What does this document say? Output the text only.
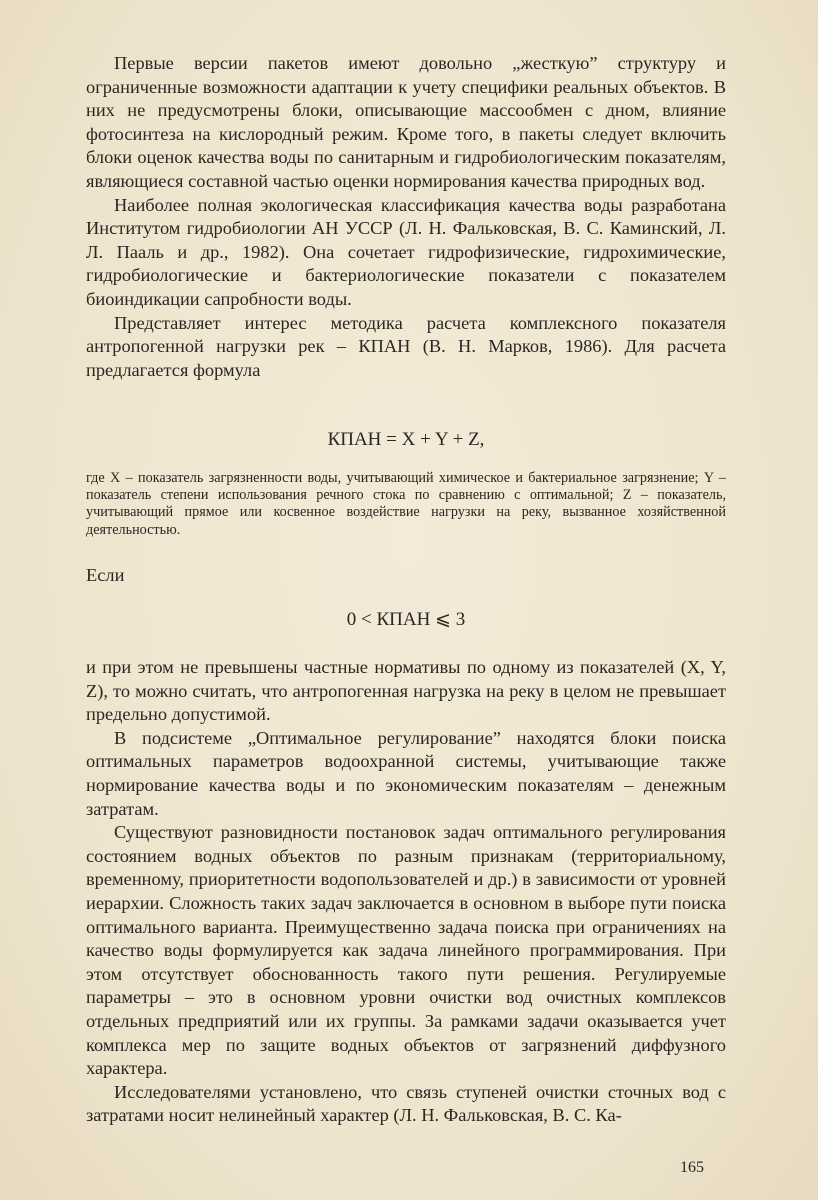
Первые версии пакетов имеют довольно „жесткую” структуру и ограниченные возможности адаптации к учету специфики реальных объектов. В них не предусмотрены блоки, описывающие массообмен с дном, влияние фотосинтеза на кислородный режим. Кроме того, в пакеты следует включить блоки оценок качества воды по санитарным и гидробиологическим показателям, являющиеся составной частью оценки нормирования качества природных вод.

Наиболее полная экологическая классификация качества воды разработана Институтом гидробиологии АН УССР (Л. Н. Фальковская, В. С. Каминский, Л. Л. Пааль и др., 1982). Она сочетает гидрофизические, гидрохимические, гидробиологические и бактериологические показатели с показателем биоиндикации сапробности воды.

Представляет интерес методика расчета комплексного показателя антропогенной нагрузки рек – КПАН (В. Н. Марков, 1986). Для расчета предлагается формула

КПАН = X + Y + Z,

где X – показатель загрязненности воды, учитывающий химическое и бактериальное загрязнение; Y – показатель степени использования речного стока по сравнению с оптимальной; Z – показатель, учитывающий прямое или косвенное воздействие нагрузки на реку, вызванное хозяйственной деятельностью.

Если
0 < КПАН ⩽ 3

и при этом не превышены частные нормативы по одному из показателей (X, Y, Z), то можно считать, что антропогенная нагрузка на реку в целом не превышает предельно допустимой.

В подсистеме „Оптимальное регулирование” находятся блоки поиска оптимальных параметров водоохранной системы, учитывающие также нормирование качества воды и по экономическим показателям – денежным затратам.

Существуют разновидности постановок задач оптимального регулирования состоянием водных объектов по разным признакам (территориальному, временному, приоритетности водопользователей и др.) в зависимости от уровней иерархии. Сложность таких задач заключается в основном в выборе пути поиска оптимального варианта. Преимущественно задача поиска при ограничениях на качество воды формулируется как задача линейного программирования. При этом отсутствует обоснованность такого пути решения. Регулируемые параметры – это в основном уровни очистки вод очистных комплексов отдельных предприятий или их группы. За рамками задачи оказывается учет комплекса мер по защите водных объектов от загрязнений диффузного характера.

Исследователями установлено, что связь ступеней очистки сточных вод с затратами носит нелинейный характер (Л. Н. Фальковская, В. С. Ка-

165
